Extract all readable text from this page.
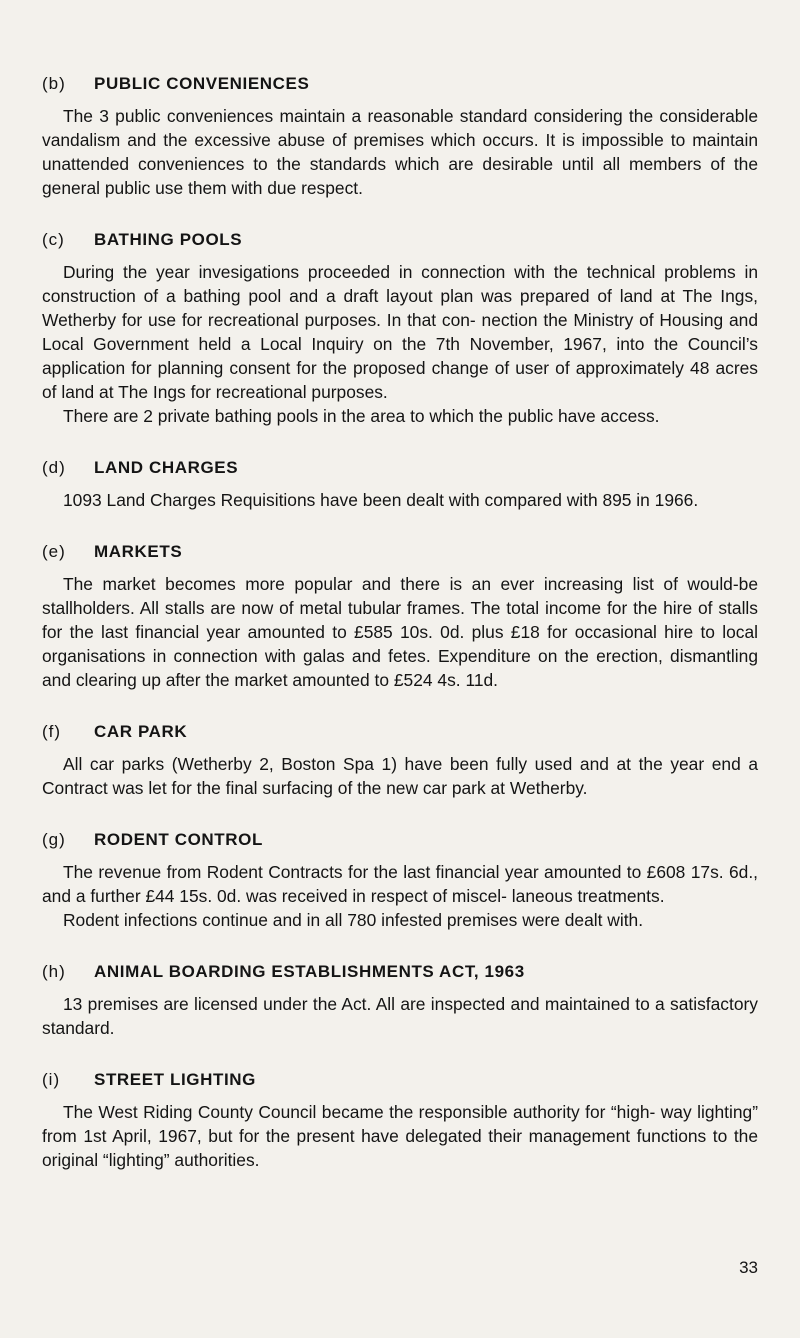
(b)	PUBLIC CONVENIENCES

The 3 public conveniences maintain a reasonable standard considering the considerable vandalism and the excessive abuse of premises which occurs. It is impossible to maintain unattended conveniences to the standards which are desirable until all members of the general public use them with due respect.

(c)	BATHING POOLS

During the year invesigations proceeded in connection with the technical problems in construction of a bathing pool and a draft layout plan was prepared of land at The Ings, Wetherby for use for recreational purposes. In that con- nection the Ministry of Housing and Local Government held a Local Inquiry on the 7th November, 1967, into the Council’s application for planning consent for the proposed change of user of approximately 48 acres of land at The Ings for recreational purposes.

There are 2 private bathing pools in the area to which the public have access.

(d)	LAND CHARGES

1093 Land Charges Requisitions have been dealt with compared with 895 in 1966.

(e)	MARKETS

The market becomes more popular and there is an ever increasing list of would-be stallholders. All stalls are now of metal tubular frames. The total income for the hire of stalls for the last financial year amounted to £585 10s. 0d. plus £18 for occasional hire to local organisations in connection with galas and fetes. Expenditure on the erection, dismantling and clearing up after the market amounted to £524 4s. 11d.

(f)	CAR PARK

All car parks (Wetherby 2, Boston Spa 1) have been fully used and at the year end a Contract was let for the final surfacing of the new car park at Wetherby.

(g)	RODENT CONTROL

The revenue from Rodent Contracts for the last financial year amounted to £608 17s. 6d., and a further £44 15s. 0d. was received in respect of miscel- laneous treatments.

Rodent infections continue and in all 780 infested premises were dealt with.

(h)	ANIMAL BOARDING ESTABLISHMENTS ACT, 1963

13 premises are licensed under the Act. All are inspected and maintained to a satisfactory standard.

(i)	STREET LIGHTING

The West Riding County Council became the responsible authority for “high- way lighting” from 1st April, 1967, but for the present have delegated their management functions to the original “lighting” authorities.

33
